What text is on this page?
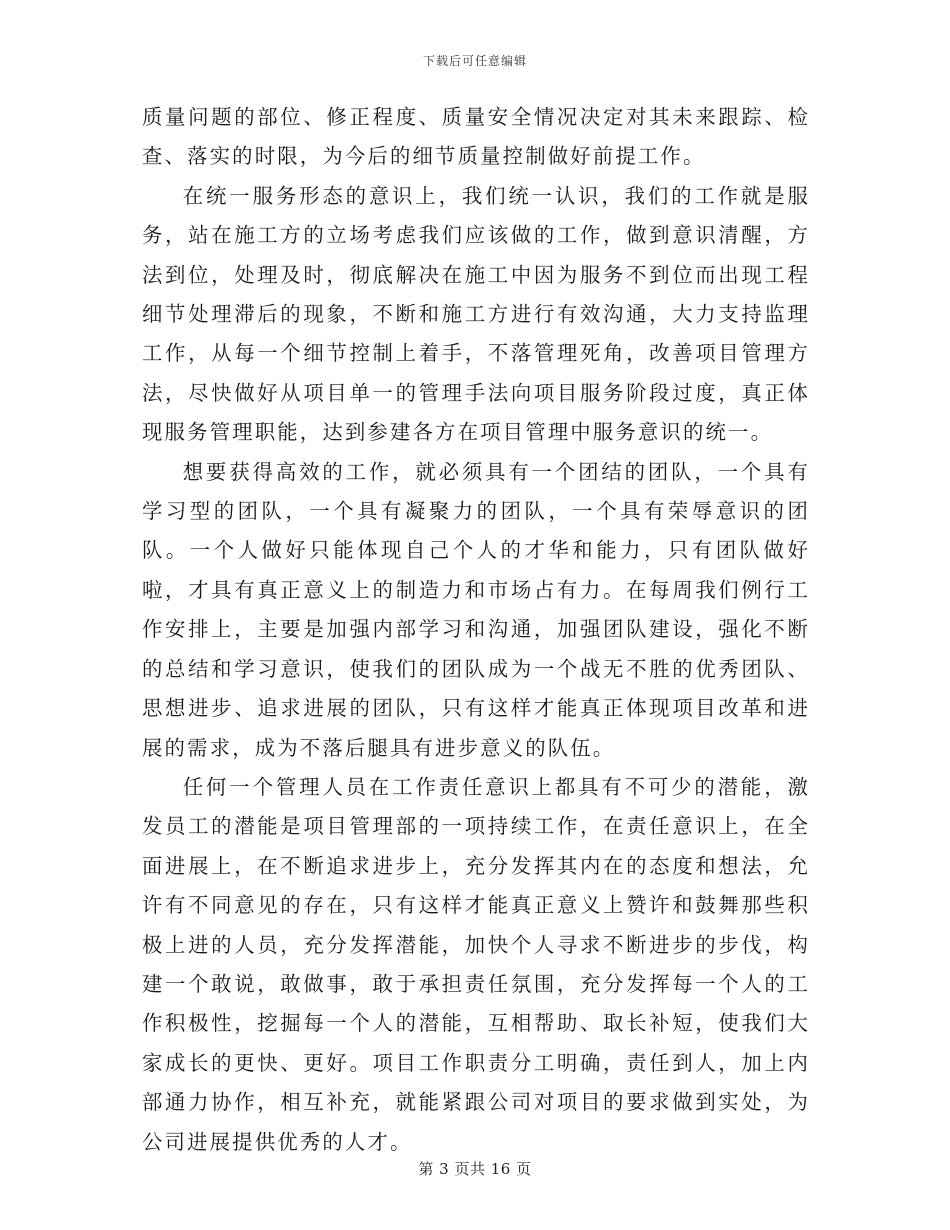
下载后可任意编辑

质量问题的部位、修正程度、质量安全情况决定对其未来跟踪、检查、落实的时限，为今后的细节质量控制做好前提工作。

在统一服务形态的意识上，我们统一认识，我们的工作就是服务，站在施工方的立场考虑我们应该做的工作，做到意识清醒，方法到位，处理及时，彻底解决在施工中因为服务不到位而出现工程细节处理滞后的现象，不断和施工方进行有效沟通，大力支持监理工作，从每一个细节控制上着手，不落管理死角，改善项目管理方法，尽快做好从项目单一的管理手法向项目服务阶段过度，真正体现服务管理职能，达到参建各方在项目管理中服务意识的统一。

想要获得高效的工作，就必须具有一个团结的团队，一个具有学习型的团队，一个具有凝聚力的团队，一个具有荣辱意识的团队。一个人做好只能体现自己个人的才华和能力，只有团队做好啦，才具有真正意义上的制造力和市场占有力。在每周我们例行工作安排上，主要是加强内部学习和沟通，加强团队建设，强化不断的总结和学习意识，使我们的团队成为一个战无不胜的优秀团队、思想进步、追求进展的团队，只有这样才能真正体现项目改革和进展的需求，成为不落后腿具有进步意义的队伍。

任何一个管理人员在工作责任意识上都具有不可少的潜能，激发员工的潜能是项目管理部的一项持续工作，在责任意识上，在全面进展上，在不断追求进步上，充分发挥其内在的态度和想法，允许有不同意见的存在，只有这样才能真正意义上赞许和鼓舞那些积极上进的人员，充分发挥潜能，加快个人寻求不断进步的步伐，构建一个敢说，敢做事，敢于承担责任氛围，充分发挥每一个人的工作积极性，挖掘每一个人的潜能，互相帮助、取长补短，使我们大家成长的更快、更好。项目工作职责分工明确，责任到人，加上内部通力协作，相互补充，就能紧跟公司对项目的要求做到实处，为公司进展提供优秀的人才。

第 3 页共 16 页
